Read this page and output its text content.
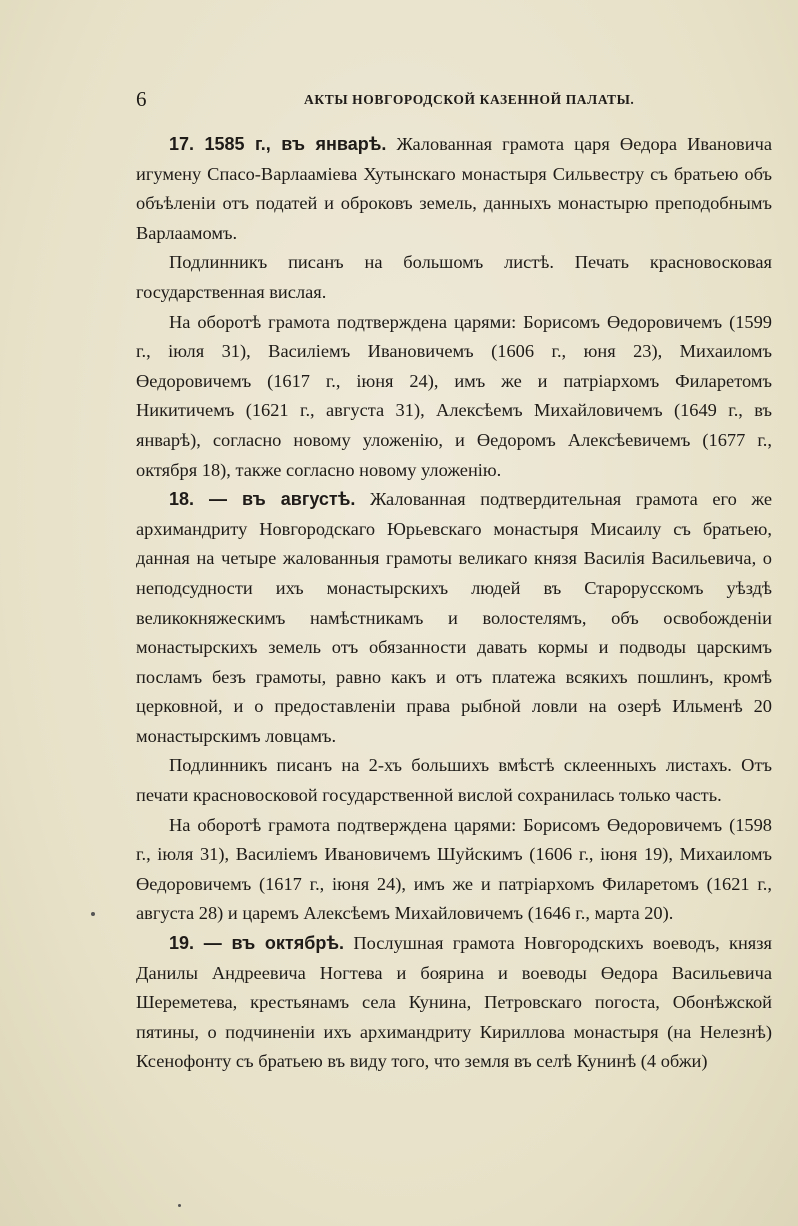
6	АКТЫ НОВГОРОДСКОЙ КАЗЕННОЙ ПАЛАТЫ.

17. 1585 г., въ январѣ. Жалованная грамота царя Өедора Ивановича игумену Спасо-Варлаамiева Хутынскаго монастыря Сильвестру съ братьею объ объѣленiи отъ податей и оброковъ земель, данныхъ монастырю преподобнымъ Варлаамомъ.

Подлинникъ писанъ на большомъ листѣ. Печать красновосковая государственная вислая.

На оборотѣ грамота подтверждена царями: Борисомъ Өедоровичемъ (1599 г., iюля 31), Василiемъ Ивановичемъ (1606 г., юня 23), Михаиломъ Өедоровичемъ (1617 г., iюня 24), имъ же и патрiархомъ Филаретомъ Никитичемъ (1621 г., августа 31), Алексѣемъ Михайловичемъ (1649 г., въ январѣ), согласно новому уложенiю, и Өедоромъ Алексѣевичемъ (1677 г., октября 18), также согласно новому уложенiю.

18. — въ августѣ. Жалованная подтвердительная грамота его же архимандриту Новгородскаго Юрьевскаго монастыря Мисаилу съ братьею, данная на четыре жалованныя грамоты великаго князя Василiя Васильевича, о неподсудности ихъ монастырскихъ людей въ Старорусскомъ уѣздѣ великокняжескимъ намѣстникамъ и волостелямъ, объ освобожденiи монастырскихъ земель отъ обязанности давать кормы и подводы царскимъ посламъ безъ грамоты, равно какъ и отъ платежа всякихъ пошлинъ, кромѣ церковной, и о предоставленiи права рыбной ловли на озерѣ Ильменѣ 20 монастырскимъ ловцамъ.

Подлинникъ писанъ на 2-хъ большихъ вмѣстѣ склеенныхъ листахъ. Отъ печати красновосковой государственной вислой сохранилась только часть.

На оборотѣ грамота подтверждена царями: Борисомъ Өедоровичемъ (1598 г., iюля 31), Василiемъ Ивановичемъ Шуйскимъ (1606 г., iюня 19), Михаиломъ Өедоровичемъ (1617 г., iюня 24), имъ же и патрiархомъ Филаретомъ (1621 г., августа 28) и царемъ Алексѣемъ Михайловичемъ (1646 г., марта 20).

19. — въ октябрѣ. Послушная грамота Новгородскихъ воеводъ, князя Данилы Андреевича Ногтева и боярина и воеводы Өедора Васильевича Шереметева, крестьянамъ села Кунина, Петровскаго погоста, Обонѣжской пятины, о подчиненiи ихъ архимандриту Кириллова монастыря (на Нелезнѣ) Ксенофонту съ братьею въ виду того, что земля въ селѣ Кунинѣ (4 обжи)
